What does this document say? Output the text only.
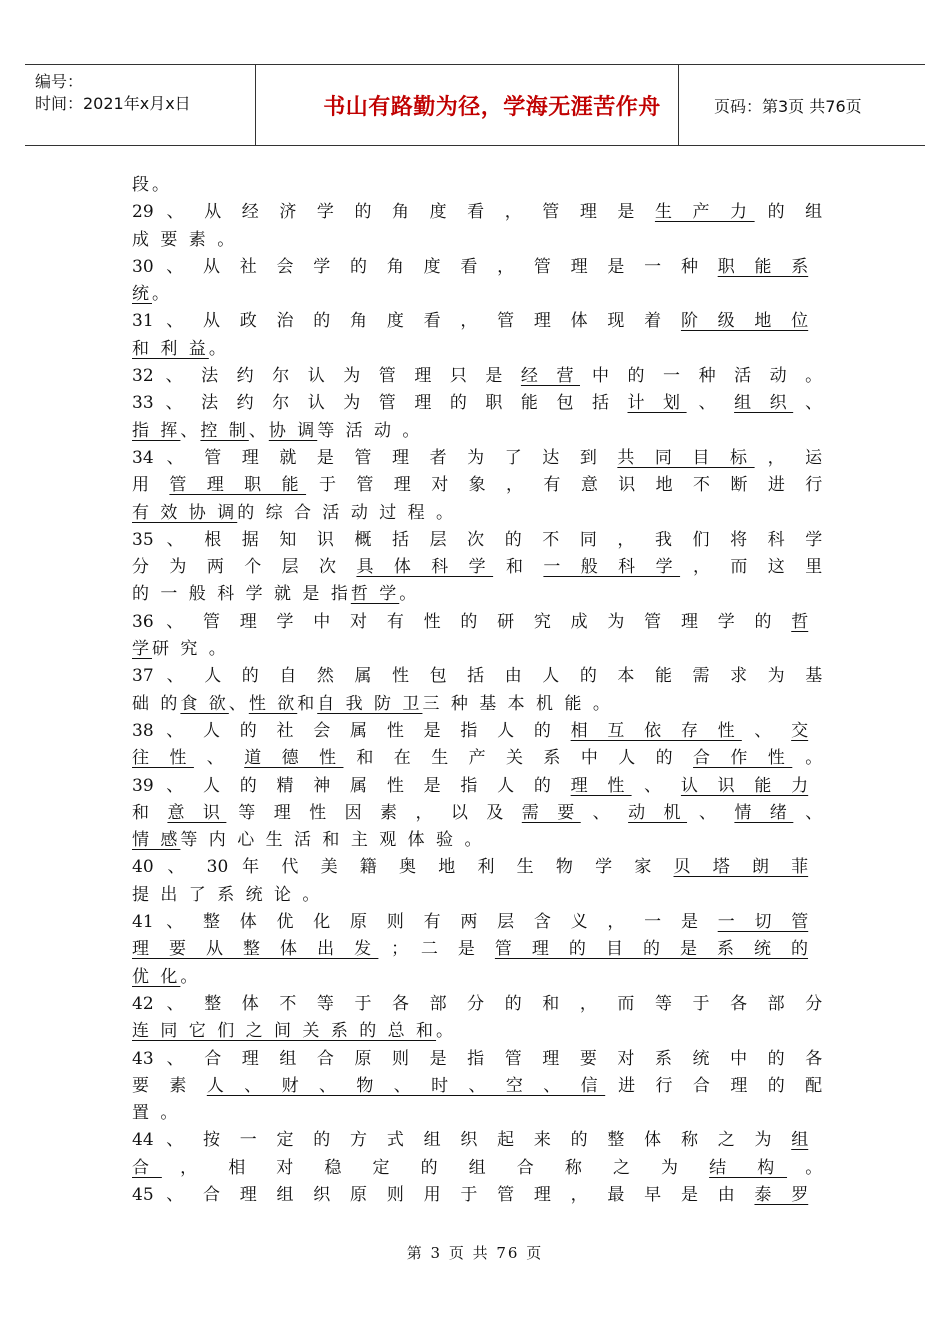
编号：
时间：2021年x月x日	书山有路勤为径，学海无涯苦作舟	页码：第3页 共76页
段。
29 、 从 经 济 学 的 角 度 看 ， 管 理 是 生 产 力 的 组
成 要 素 。
30 、 从 社 会 学 的 角 度 看 ， 管 理 是 一 种 职 能 系
统。
31 、 从 政 治 的 角 度 看 ， 管 理 体 现 着 阶 级 地 位
和 利 益。
32 、 法 约 尔 认 为 管 理 只 是 经 营 中 的 一 种 活 动 。
33 、 法 约 尔 认 为 管 理 的 职 能 包 括 计 划 、 组 织 、
指 挥、控 制、协 调等 活 动 。
34 、 管 理 就 是 管 理 者 为 了 达 到 共 同 目 标 ， 运
用 管 理 职 能 于 管 理 对 象 ， 有 意 识 地 不 断 进 行
有 效 协 调的 综 合 活 动 过 程 。
35 、 根 据 知 识 概 括 层 次 的 不 同 ， 我 们 将 科 学
分 为 两 个 层 次 具 体 科 学 和 一 般 科 学 ， 而 这 里
的 一 般 科 学 就 是 指哲 学。
36 、 管 理 学 中 对 有 性 的 研 究 成 为 管 理 学 的 哲
学研 究 。
37 、 人 的 自 然 属 性 包 括 由 人 的 本 能 需 求 为 基
础 的食 欲、性 欲和自 我 防 卫三 种 基 本 机 能 。
38 、 人 的 社 会 属 性 是 指 人 的 相 互 依 存 性 、 交
往 性 、 道 德 性 和 在 生 产 关 系 中 人 的 合 作 性 。
39 、 人 的 精 神 属 性 是 指 人 的 理 性 、 认 识 能 力
和 意 识 等 理 性 因 素 ， 以 及 需 要 、 动 机 、 情 绪 、
情 感等 内 心 生 活 和 主 观 体 验 。
40 、 30 年 代 美 籍 奥 地 利 生 物 学 家 贝 塔 朗 菲
提 出 了 系 统 论 。
41 、 整 体 优 化 原 则 有 两 层 含 义 ， 一 是 一 切 管
理 要 从 整 体 出 发 ； 二 是 管 理 的 目 的 是 系 统 的
优 化。
42 、 整 体 不 等 于 各 部 分 的 和 ， 而 等 于 各 部 分
连 同 它 们 之 间 关 系 的 总 和。
43 、 合 理 组 合 原 则 是 指 管 理 要 对 系 统 中 的 各
要 素 人 、 财 、 物 、 时 、 空 、 信 进 行 合 理 的 配
置 。
44 、 按 一 定 的 方 式 组 织 起 来 的 整 体 称 之 为 组
合 ， 相 对 稳 定 的 组 合 称 之 为 结 构 。
45 、 合 理 组 织 原 则 用 于 管 理 ， 最 早 是 由 泰 罗
第 3 页 共 76 页
